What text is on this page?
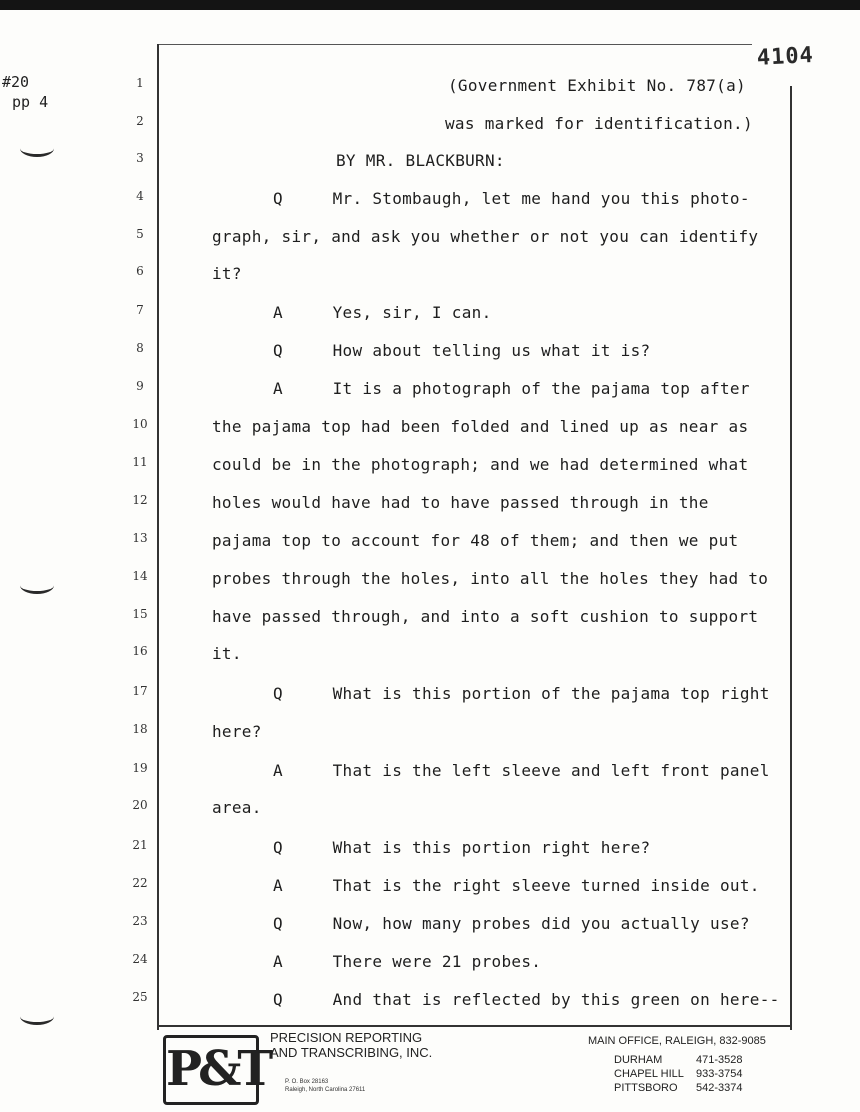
4104
#20
pp 4
1	(Government Exhibit No. 787(a)
2	was marked for identification.)
3	BY MR. BLACKBURN:
4	Q     Mr. Stombaugh, let me hand you this photo-
5	graph, sir, and ask you whether or not you can identify
6	it?
7	A     Yes, sir, I can.
8	Q     How about telling us what it is?
9	A     It is a photograph of the pajama top after
10	the pajama top had been folded and lined up as near as
11	could be in the photograph; and we had determined what
12	holes would have had to have passed through in the
13	pajama top to account for 48 of them; and then we put
14	probes through the holes, into all the holes they had to
15	have passed through, and into a soft cushion to support
16	it.
17	Q     What is this portion of the pajama top right
18	here?
19	A     That is the left sleeve and left front panel
20	area.
21	Q     What is this portion right here?
22	A     That is the right sleeve turned inside out.
23	Q     Now, how many probes did you actually use?
24	A     There were 21 probes.
25	Q     And that is reflected by this green on here--
P&T
PRECISION REPORTING
AND TRANSCRIBING, INC.
P. O. Box 28163
Raleigh, North Carolina 27611
MAIN OFFICE, RALEIGH, 832-9085
DURHAM	471-3528
CHAPEL HILL 933-3754
PITTSBORO 542-3374
